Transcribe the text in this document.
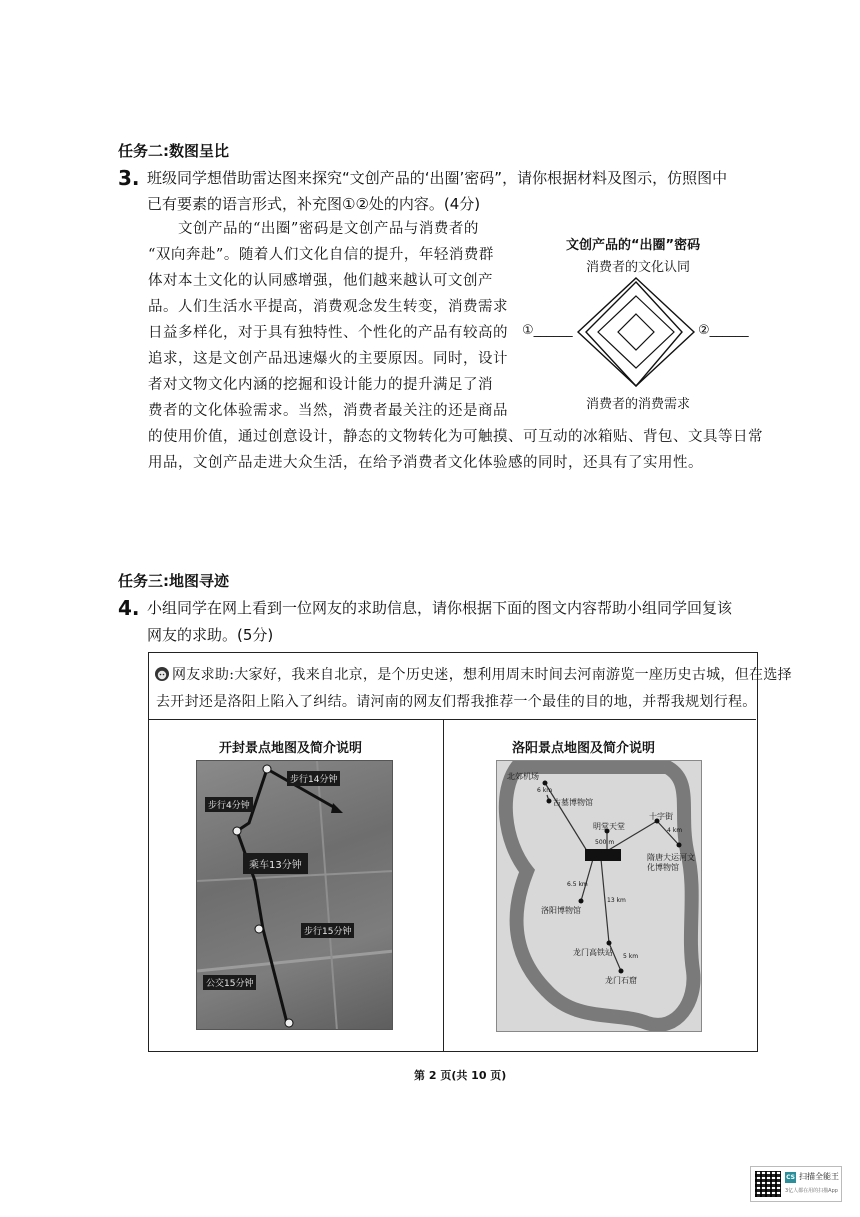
任务二:数图呈比
3. 班级同学想借助雷达图来探究“文创产品的‘出圈’密码”，请你根据材料及图示，仿照图中
已有要素的语言形式，补充图①②处的内容。(4分)
文创产品的“出圈”密码是文创产品与消费者的
“双向奔赴”。随着人们文化自信的提升，年轻消费群
体对本土文化的认同感增强，他们越来越认可文创产
品。人们生活水平提高，消费观念发生转变，消费需求
日益多样化，对于具有独特性、个性化的产品有较高的
追求，这是文创产品迅速爆火的主要原因。同时，设计
者对文物文化内涵的挖掘和设计能力的提升满足了消
费者的文化体验需求。当然，消费者最关注的还是商品
的使用价值，通过创意设计，静态的文物转化为可触摸、可互动的冰箱贴、背包、文具等日常
用品，文创产品走进大众生活，在给予消费者文化体验感的同时，还具有了实用性。
文创产品的“出圈”密码
消费者的文化认同
①______	②______
消费者的消费需求
任务三:地图寻迹
4. 小组同学在网上看到一位网友的求助信息，请你根据下面的图文内容帮助小组同学回复该
网友的求助。(5分)
网友求助:大家好，我来自北京，是个历史迷，想利用周末时间去河南游览一座历史古城，但在选择
去开封还是洛阳上陷入了纠结。请河南的网友们帮我推荐一个最佳的目的地，并帮我规划行程。
开封景点地图及简介说明
步行14分钟
步行4分钟
乘车13分钟
步行15分钟
公交15分钟
洛阳景点地图及简介说明
北郊机场
古墓博物馆
明堂天堂
十字街
隋唐大运河文化博物馆
洛阳博物馆
龙门高铁站
龙门石窟
6 km
500 m
4 km
6.5 km
13 km
5 km
第 2 页(共 10 页)
CS 扫描全能王
3亿人都在用的扫描App
